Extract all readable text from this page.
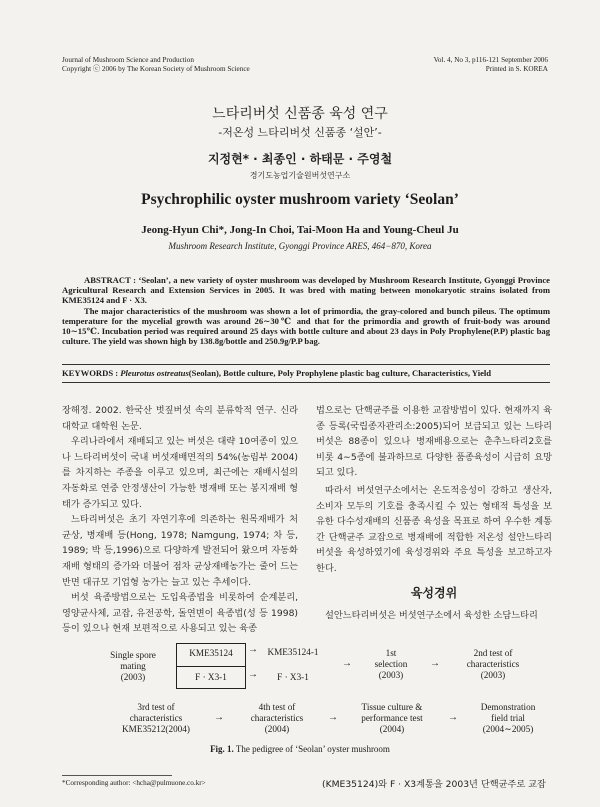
Journal of Mushroom Science and Production
Copyright ⓒ 2006 by The Korean Society of Mushroom Science
Vol. 4, No 3, p116-121 September 2006
Printed in S. KOREA
느타리버섯 신품종 육성 연구
-저온성 느타리버섯 신품종 ‘설안’-
지정현* · 최종인 · 하태문 · 주영철
경기도농업기술원버섯연구소
Psychrophilic oyster mushroom variety ‘Seolan’
Jeong-Hyun Chi*, Jong-In Choi, Tai-Moon Ha and Young-Cheul Ju
Mushroom Research Institute, Gyonggi Province ARES, 464−870, Korea

ABSTRACT : ‘Seolan’, a new variety of oyster mushroom was developed by Mushroom Research Institute, Gyonggi Province Agricultural Research and Extension Services in 2005. It was bred with mating between monokaryotic strains isolated from KME35124 and F · X3.

The major characteristics of the mushroom was shown a lot of primordia, the gray-colored and bunch pileus. The optimum temperature for the mycelial growth was around 26∼30℃ and that for the primordia and growth of fruit-body was around 10∼15℃. Incubation period was required around 25 days with bottle culture and about 23 days in Poly Prophylene(P.P) plastic bag culture. The yield was shown high by 138.8g/bottle and 250.9g/P.P bag.

KEYWORDS : Pleurotus ostreatus(Seolan), Bottle culture, Poly Prophylene plastic bag culture, Characteristics, Yield

장해정. 2002. 한국산 벗짚버섯 속의 분류학적 연구. 신라대학교 대학원 논문.

우리나라에서 재배되고 있는 버섯은 대략 10여종이 있으나 느타리버섯이 국내 버섯재배면적의 54%(농림부 2004)를 차지하는 주종을 이루고 있으며, 최근에는 재배시설의 자동화로 연중 안정생산이 가능한 병재배 또는 봉지재배 형태가 증가되고 있다.

느타리버섯은 초기 자연기후에 의존하는 원목재배가 처 균상, 병재배 등(Hong, 1978; Namgung, 1974; 차 등, 1989; 박 등,1996)으로 다양하게 발전되어 왔으며 자동화재배 형태의 증가와 더불어 점차 균상재배농가는 줄어 드는 반면 대규모 기업형 농가는 늘고 있는 추세이다.

버섯 육종방법으로는 도입육종법을 비롯하여 순계분리, 영양균사체, 교잡, 유전공학, 돌연변이 육종법(성 등 1998) 등이 있으나 현재 보편적으로 사용되고 있는 육종

법으로는 단핵균주를 이용한 교잡방법이 있다. 현재까지 육종 등록(국립종자관리소:2005)되어 보급되고 있는 느타리버섯은 88종이 있으나 병재배용으로는 춘추느타리2호를 비롯 4∼5종에 불과하므로 다양한 품종육성이 시급히 요망되고 있다.

따라서 버섯연구소에서는 온도적응성이 강하고 생산자, 소비자 모두의 기호를 충족시킬 수 있는 형태적 특성을 보유한 다수성재배의 신품종 육성을 목표로 하여 우수한 계통간 단핵균주 교잡으로 병재배에 적합한 저온성 설안느타리버섯을 육성하였기에 육성경위와 주요 특성을 보고하고자 한다.

육성경위

설안느타리버섯은 버섯연구소에서 육성한 소담느타리

Single spore
mating
(2003)
KME35124
F · X3-1
→
→
KME35124-1
F · X3-1
→
1st
selection
(2003)
→
2nd test of
characteristics
(2003)
3rd test of
characteristics
KME35212(2004)
→
4th test of
characteristics
(2004)
→
Tissue culture &
performance test
(2004)
→
Demonstration
field trial
(2004∼2005)
Fig. 1. The pedigree of ‘Seolan’ oyster mushroom
*Corresponding author: <hcha@pulmuone.co.kr>	(KME35124)와 F · X3계통을 2003년 단핵균주로 교잡
